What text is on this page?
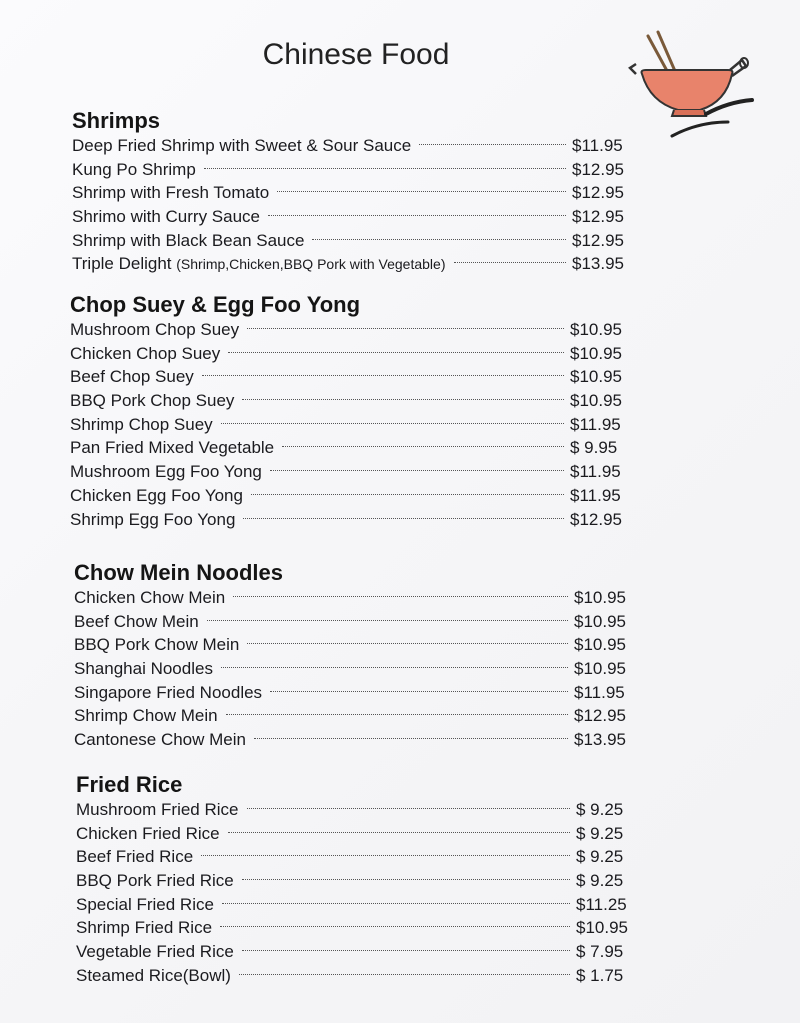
Chinese Food
Shrimps
Deep Fried Shrimp with Sweet & Sour Sauce	$11.95
Kung Po Shrimp	$12.95
Shrimp with Fresh Tomato	$12.95
Shrimo with Curry Sauce	$12.95
Shrimp with Black Bean Sauce	$12.95
Triple Delight (Shrimp,Chicken,BBQ Pork with Vegetable)	$13.95
Chop Suey & Egg Foo Yong
Mushroom Chop Suey	$10.95
Chicken Chop Suey	$10.95
Beef Chop Suey	$10.95
BBQ Pork Chop Suey	$10.95
Shrimp Chop Suey	$11.95
Pan Fried Mixed Vegetable	$ 9.95
Mushroom Egg Foo Yong	$11.95
Chicken Egg Foo Yong	$11.95
Shrimp Egg Foo Yong	$12.95
Chow Mein Noodles
Chicken Chow Mein	$10.95
Beef Chow Mein	$10.95
BBQ Pork Chow Mein	$10.95
Shanghai Noodles	$10.95
Singapore Fried Noodles	$11.95
Shrimp Chow Mein	$12.95
Cantonese Chow Mein	$13.95
Fried Rice
Mushroom Fried Rice	$ 9.25
Chicken Fried Rice	$ 9.25
Beef Fried Rice	$ 9.25
BBQ Pork Fried Rice	$ 9.25
Special Fried Rice	$11.25
Shrimp Fried Rice	$10.95
Vegetable Fried Rice	$ 7.95
Steamed Rice(Bowl)	$ 1.75
